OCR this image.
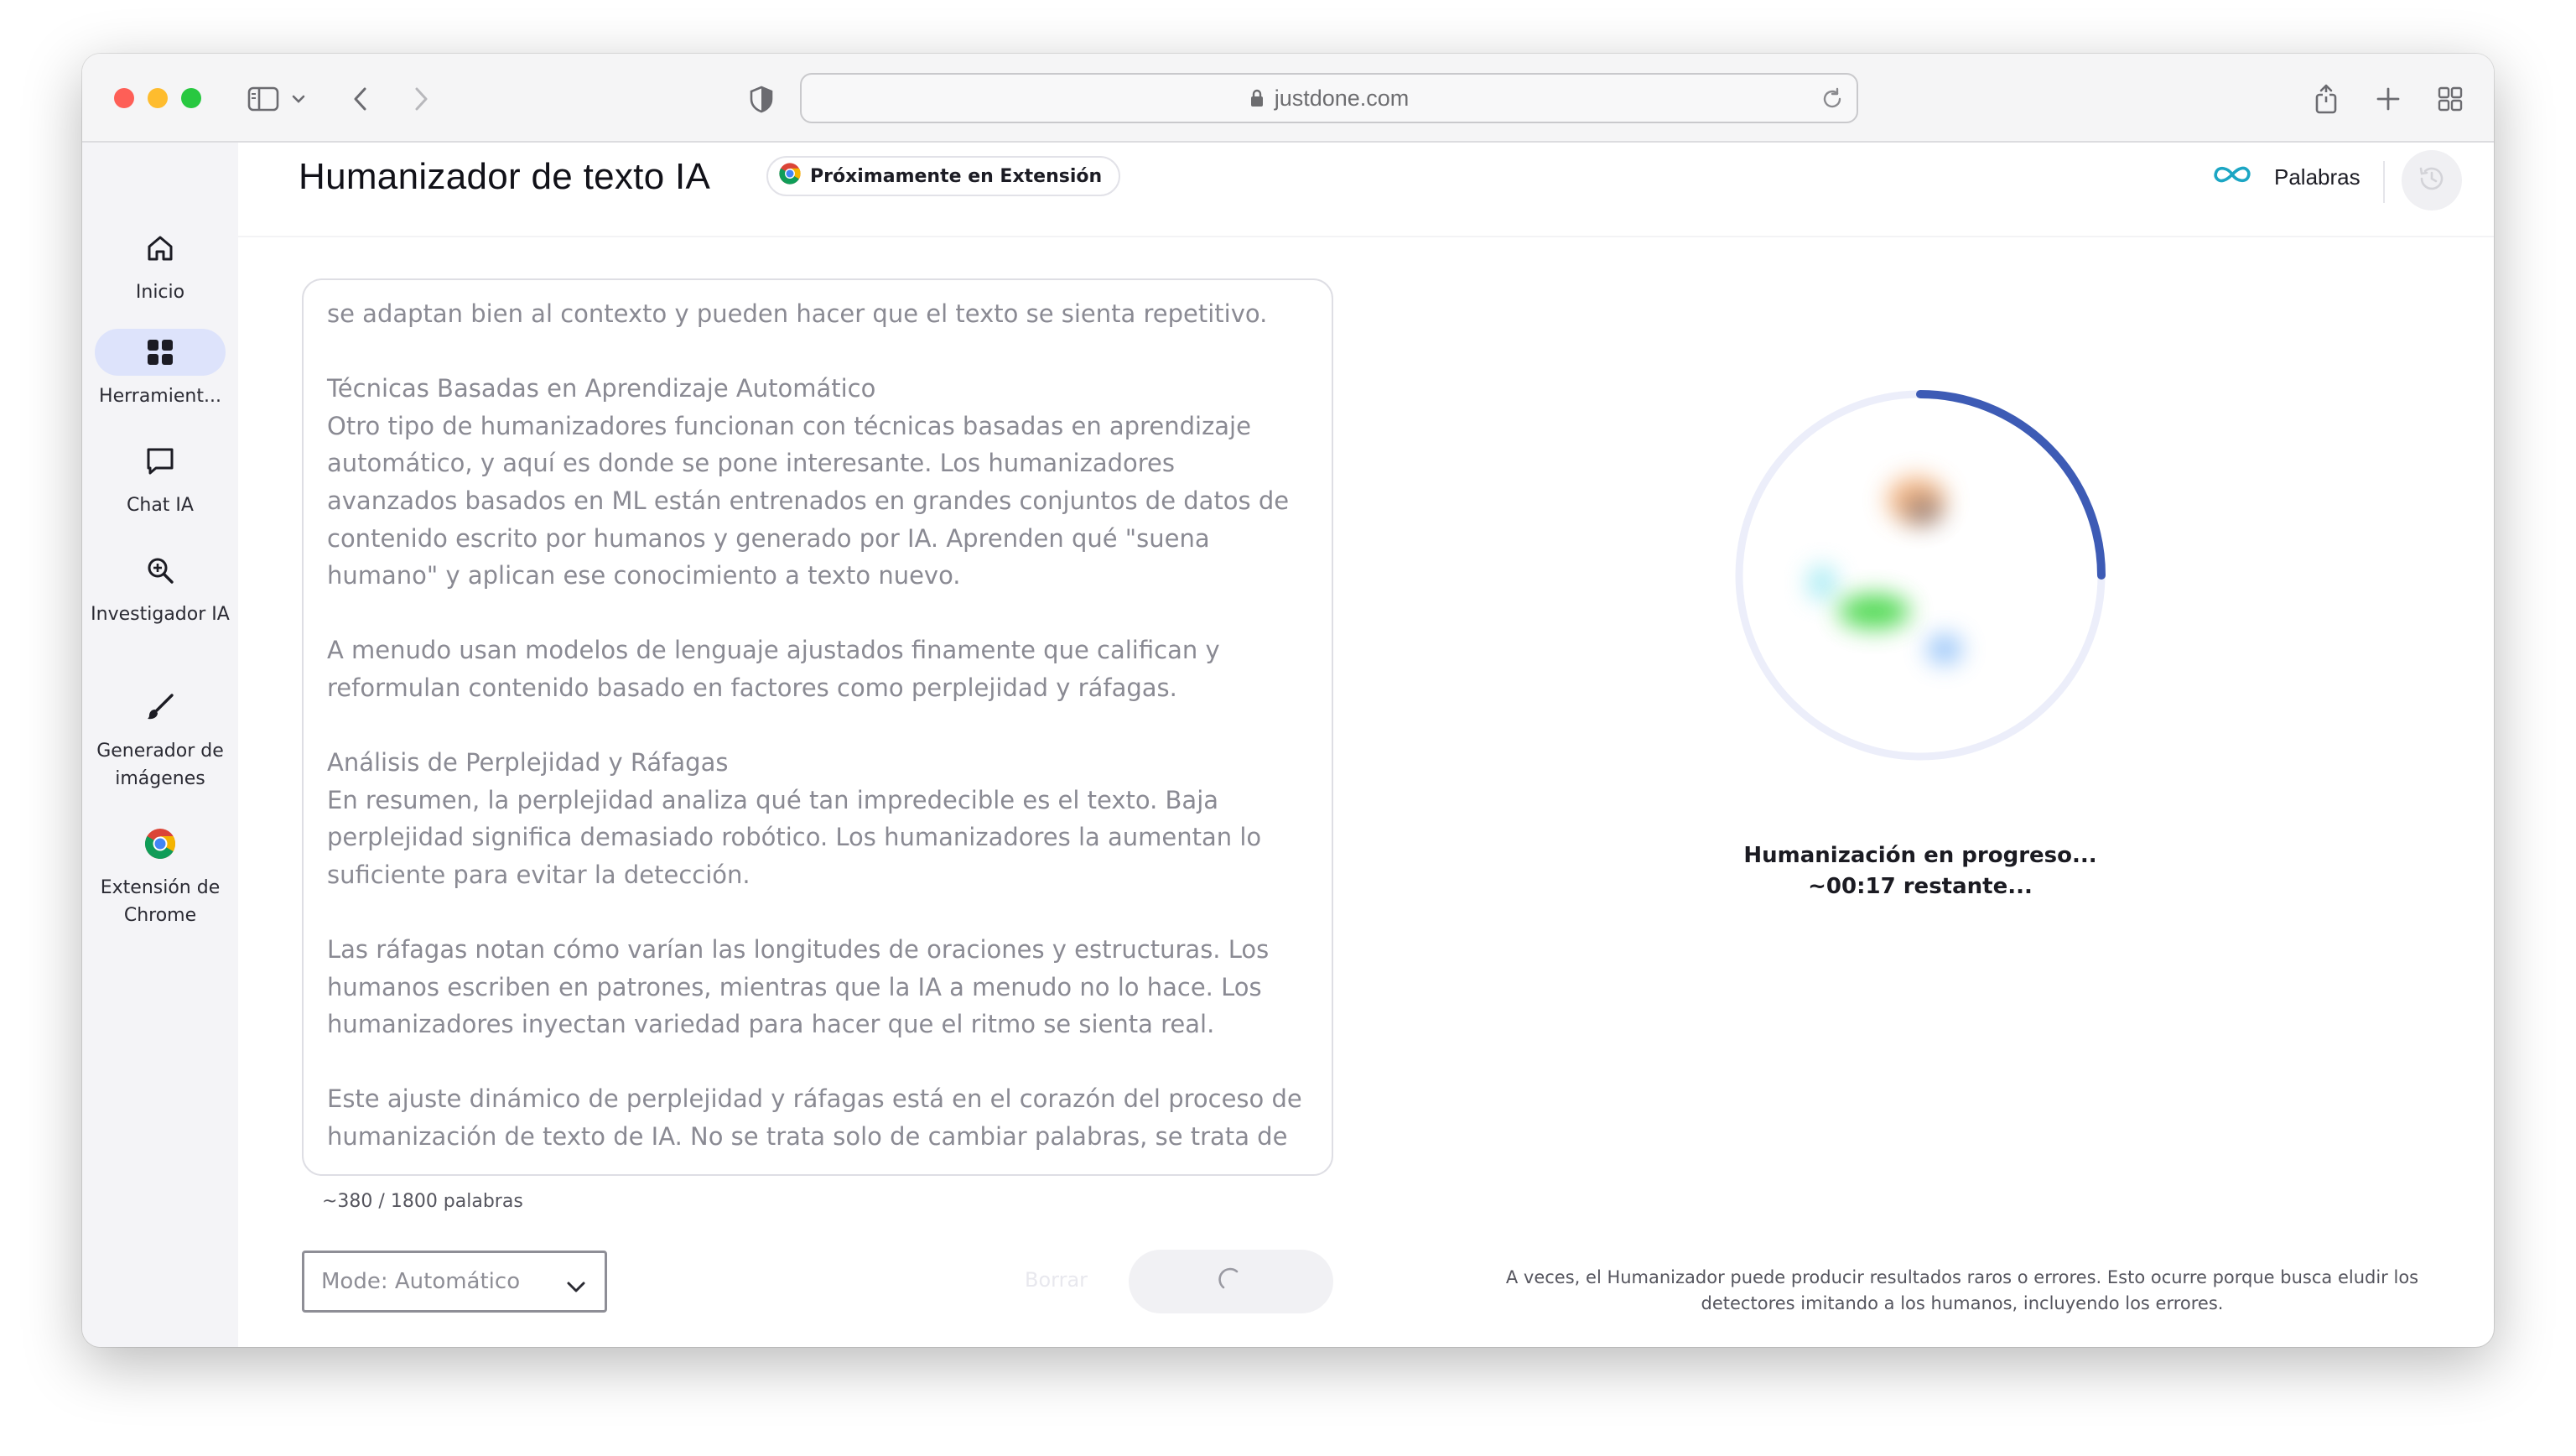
justdone.com
Inicio
Herramient...
Chat IA
Investigador IA
Generador de imágenes
Extensión de Chrome
Humanizador de texto IA	Próximamente en Extensión	Palabras

se adaptan bien al contexto y pueden hacer que el texto se sienta repetitivo.

Técnicas Basadas en Aprendizaje Automático
Otro tipo de humanizadores funcionan con técnicas basadas en aprendizaje automático, y aquí es donde se pone interesante. Los humanizadores avanzados basados en ML están entrenados en grandes conjuntos de datos de contenido escrito por humanos y generado por IA. Aprenden qué "suena humano" y aplican ese conocimiento a texto nuevo.

A menudo usan modelos de lenguaje ajustados finamente que califican y reformulan contenido basado en factores como perplejidad y ráfagas.

Análisis de Perplejidad y Ráfagas
En resumen, la perplejidad analiza qué tan impredecible es el texto. Baja perplejidad significa demasiado robótico. Los humanizadores la aumentan lo suficiente para evitar la detección.

Las ráfagas notan cómo varían las longitudes de oraciones y estructuras. Los humanos escriben en patrones, mientras que la IA a menudo no lo hace. Los humanizadores inyectan variedad para hacer que el ritmo se sienta real.

Este ajuste dinámico de perplejidad y ráfagas está en el corazón del proceso de humanización de texto de IA. No se trata solo de cambiar palabras, se trata de

~380 / 1800 palabras
Mode: Automático	Borrar
Humanización en progreso...
~00:17 restante...
A veces, el Humanizador puede producir resultados raros o errores. Esto ocurre porque busca eludir los detectores imitando a los humanos, incluyendo los errores.
